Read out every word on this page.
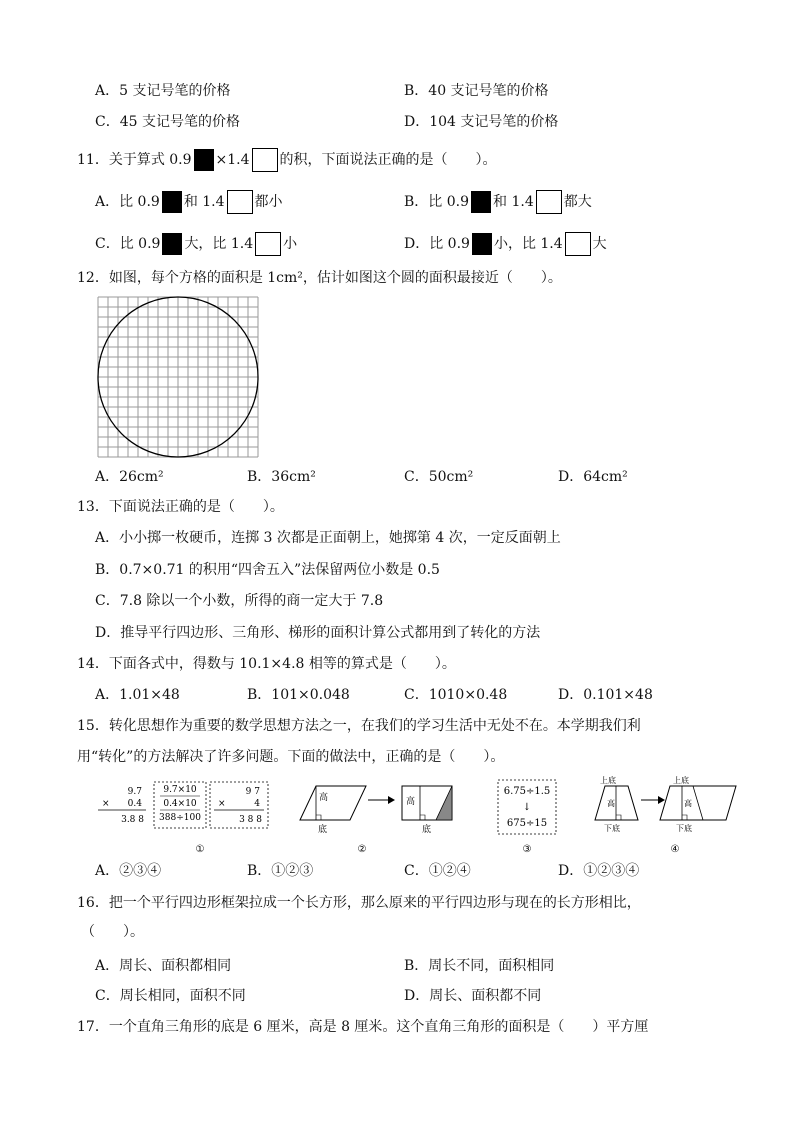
A．5 支记号笔的价格	B．40 支记号笔的价格
C．45 支记号笔的价格	D．104 支记号笔的价格
11．关于算式 0.9 ×1.4 的积，下面说法正确的是（　　）。
A．比 0.9 和 1.4 都小	B．比 0.9 和 1.4 都大
C．比 0.9 大，比 1.4 小	D．比 0.9 小，比 1.4 大
12．如图，每个方格的面积是 1cm²，估计如图这个圆的面积最接近（　　）。
A．26cm²	B．36cm²	C．50cm²	D．64cm²
13．下面说法正确的是（　　）。
A．小小掷一枚硬币，连掷 3 次都是正面朝上，她掷第 4 次，一定反面朝上
B．0.7×0.71 的积用“四舍五入”法保留两位小数是 0.5
C．7.8 除以一个小数，所得的商一定大于 7.8
D．推导平行四边形、三角形、梯形的面积计算公式都用到了转化的方法
14．下面各式中，得数与 10.1×4.8 相等的算式是（　　）。
A．1.01×48	B．101×0.048	C．1010×0.48	D．0.101×48
15．转化思想作为重要的数学思想方法之一，在我们的学习生活中无处不在。本学期我们利
用“转化”的方法解决了许多问题。下面的做法中，正确的是（　　）。
9.7
× 0.4
3.8 8
9.7×10
0.4×10
388÷100
9 7
×	4
3 8 8
①
高
底
高
底
②
6.75÷1.5
↓
675÷15
③
上底
高
下底
上底
高
下底
④
A．②③④	B．①②③	C．①②④	D．①②③④
16．把一个平行四边形框架拉成一个长方形，那么原来的平行四边形与现在的长方形相比，
（　　）。
A．周长、面积都相同	B．周长不同，面积相同
C．周长相同，面积不同	D．周长、面积都不同
17．一个直角三角形的底是 6 厘米，高是 8 厘米。这个直角三角形的面积是（　　）平方厘
